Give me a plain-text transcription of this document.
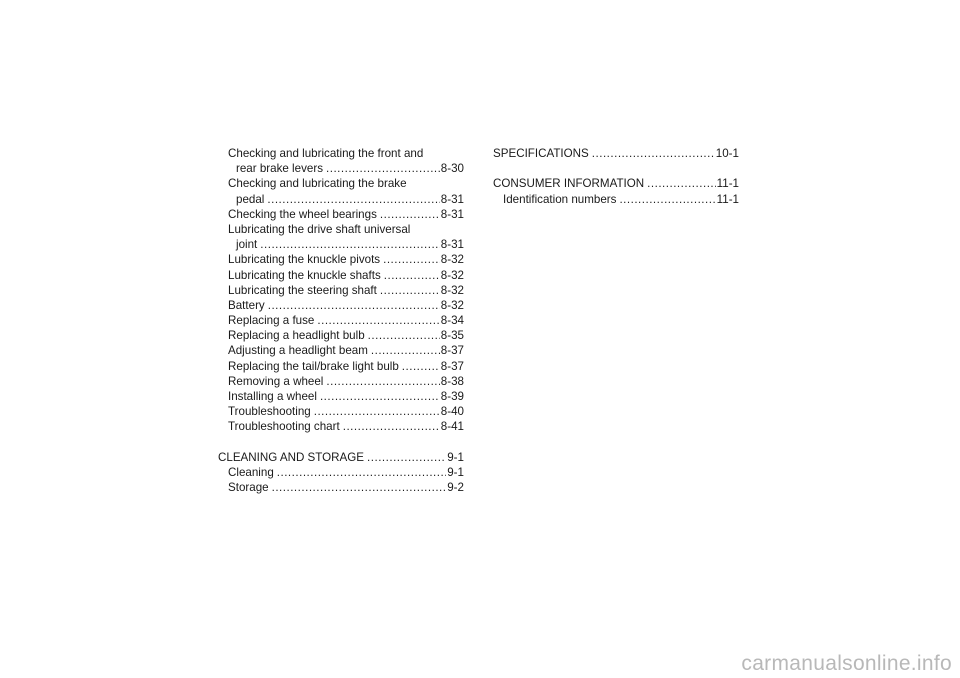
Checking and lubricating the front and
rear brake levers .....	8-30
Checking and lubricating the brake
pedal .....	8-31
Checking the wheel bearings .....	8-31
Lubricating the drive shaft universal
joint .....	8-31
Lubricating the knuckle pivots .....	8-32
Lubricating the knuckle shafts .....	8-32
Lubricating the steering shaft .....	8-32
Battery .....	8-32
Replacing a fuse .....	8-34
Replacing a headlight bulb .....	8-35
Adjusting a headlight beam .....	8-37
Replacing the tail/brake light bulb .....	8-37
Removing a wheel .....	8-38
Installing a wheel .....	8-39
Troubleshooting .....	8-40
Troubleshooting chart .....	8-41
CLEANING AND STORAGE .....	9-1
Cleaning .....	9-1
Storage .....	9-2
SPECIFICATIONS .....	10-1
CONSUMER INFORMATION .....	11-1
Identification numbers .....	11-1
carmanualsonline.info
